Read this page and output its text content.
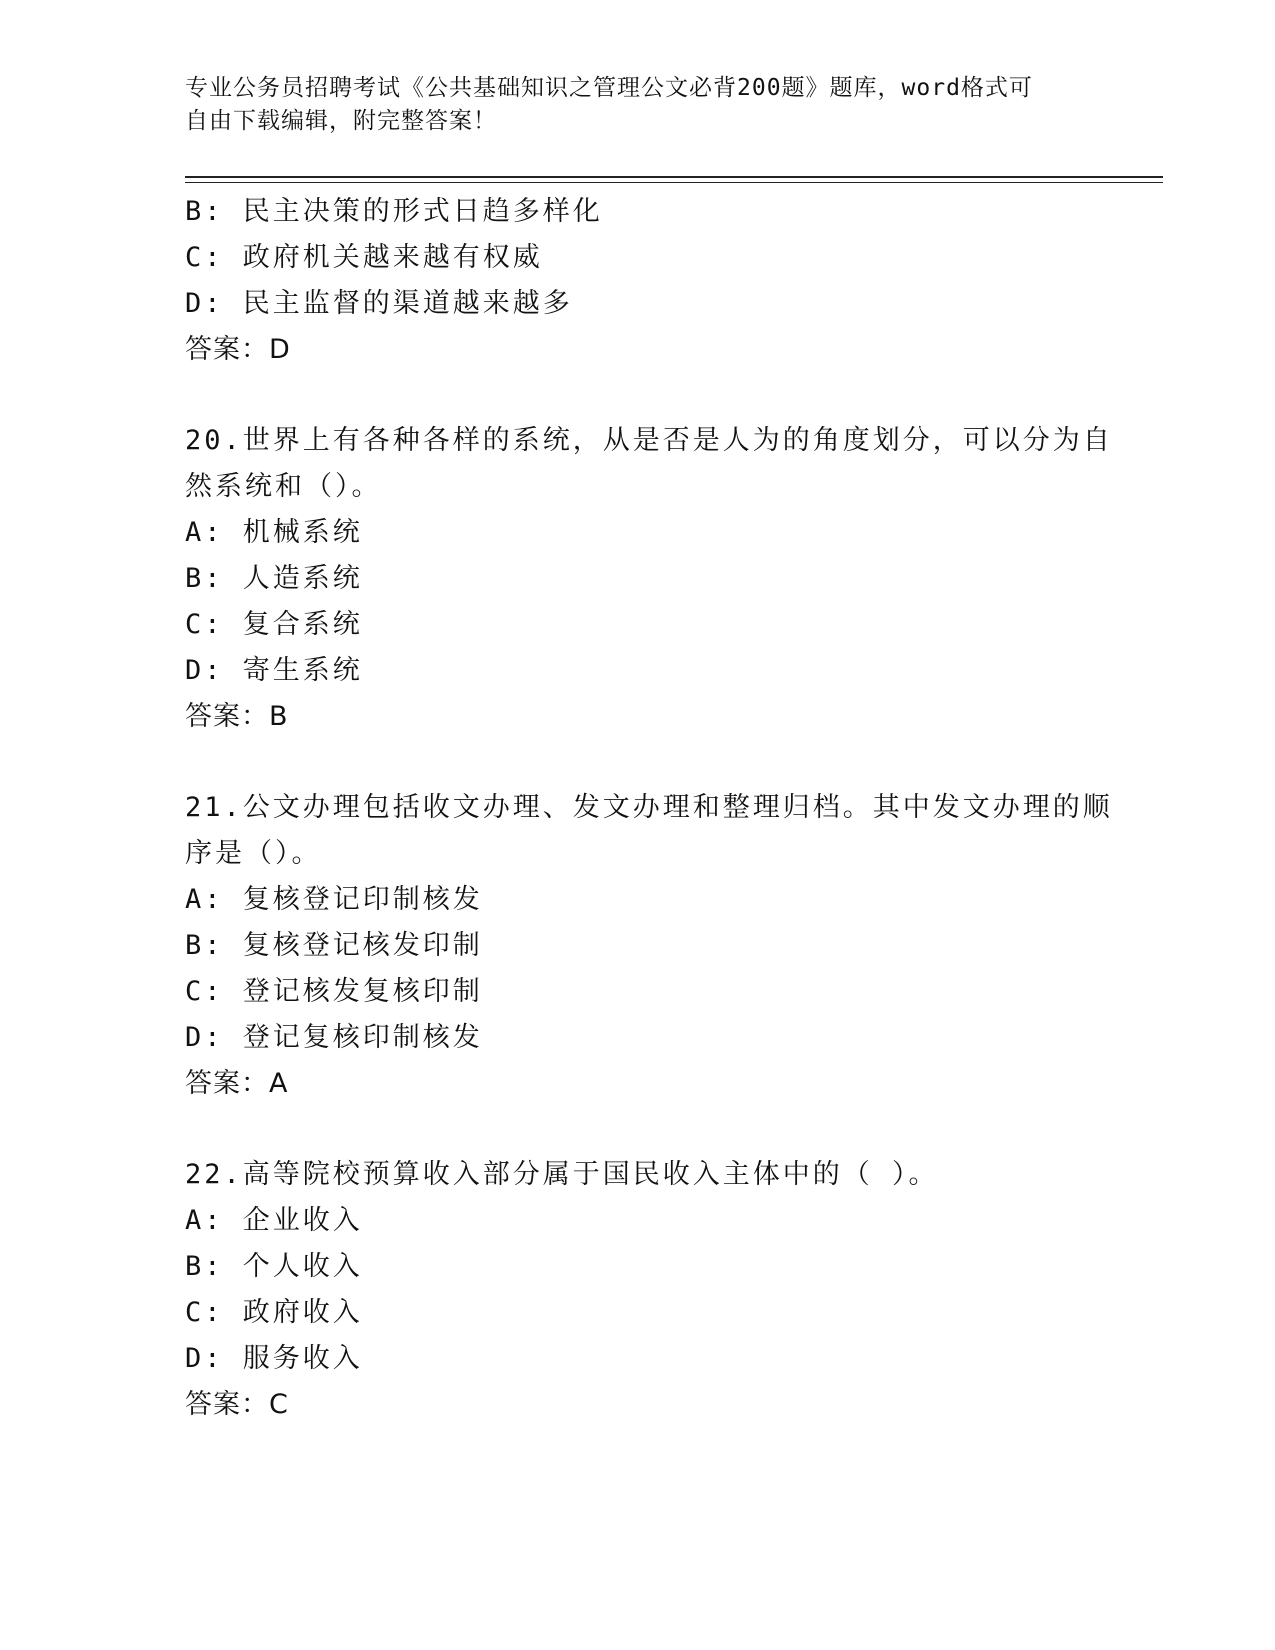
专业公务员招聘考试《公共基础知识之管理公文必背200题》题库，word格式可
自由下载编辑，附完整答案！
B: 民主决策的形式日趋多样化
C: 政府机关越来越有权威
D: 民主监督的渠道越来越多
答案：D
20.世界上有各种各样的系统，从是否是人为的角度划分，可以分为自
然系统和（）。
A: 机械系统
B: 人造系统
C: 复合系统
D: 寄生系统
答案：B
21.公文办理包括收文办理、发文办理和整理归档。其中发文办理的顺
序是（）。
A: 复核登记印制核发
B: 复核登记核发印制
C: 登记核发复核印制
D: 登记复核印制核发
答案：A
22.高等院校预算收入部分属于国民收入主体中的（ ）。
A: 企业收入
B: 个人收入
C: 政府收入
D: 服务收入
答案：C
